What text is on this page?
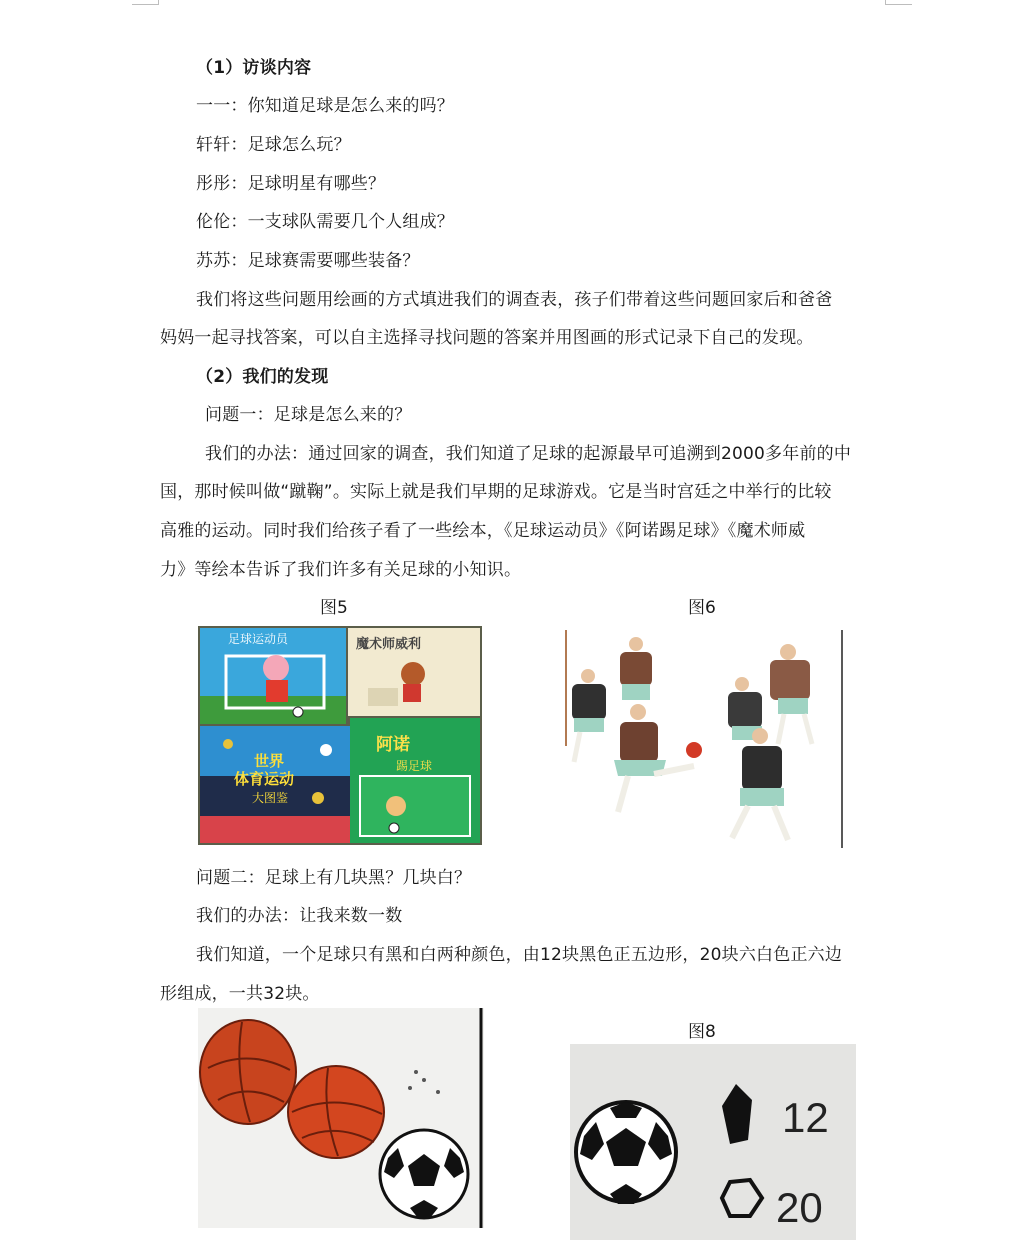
（1）访谈内容
一一：你知道足球是怎么来的吗？
轩轩：足球怎么玩？
彤彤：足球明星有哪些？
伦伦：一支球队需要几个人组成？
苏苏：足球赛需要哪些装备？
我们将这些问题用绘画的方式填进我们的调查表，孩子们带着这些问题回家后和爸爸
妈妈一起寻找答案，可以自主选择寻找问题的答案并用图画的形式记录下自己的发现。
（2）我们的发现
问题一：足球是怎么来的？
我们的办法：通过回家的调查，我们知道了足球的起源最早可追溯到2000多年前的中
国，那时候叫做“蹴鞠”。实际上就是我们早期的足球游戏。它是当时宫廷之中举行的比较
高雅的运动。同时我们给孩子看了一些绘本，《足球运动员》《阿诺踢足球》《魔术师威
力》等绘本告诉了我们许多有关足球的小知识。
图5	图6
足球运动员	魔术师威利
世界
体育运动
大图鉴
阿诺
踢足球
问题二：足球上有几块黑？几块白？
我们的办法：让我来数一数
我们知道，一个足球只有黑和白两种颜色，由12块黑色正五边形，20块六白色正六边
形组成，一共32块。
图8
12
20
